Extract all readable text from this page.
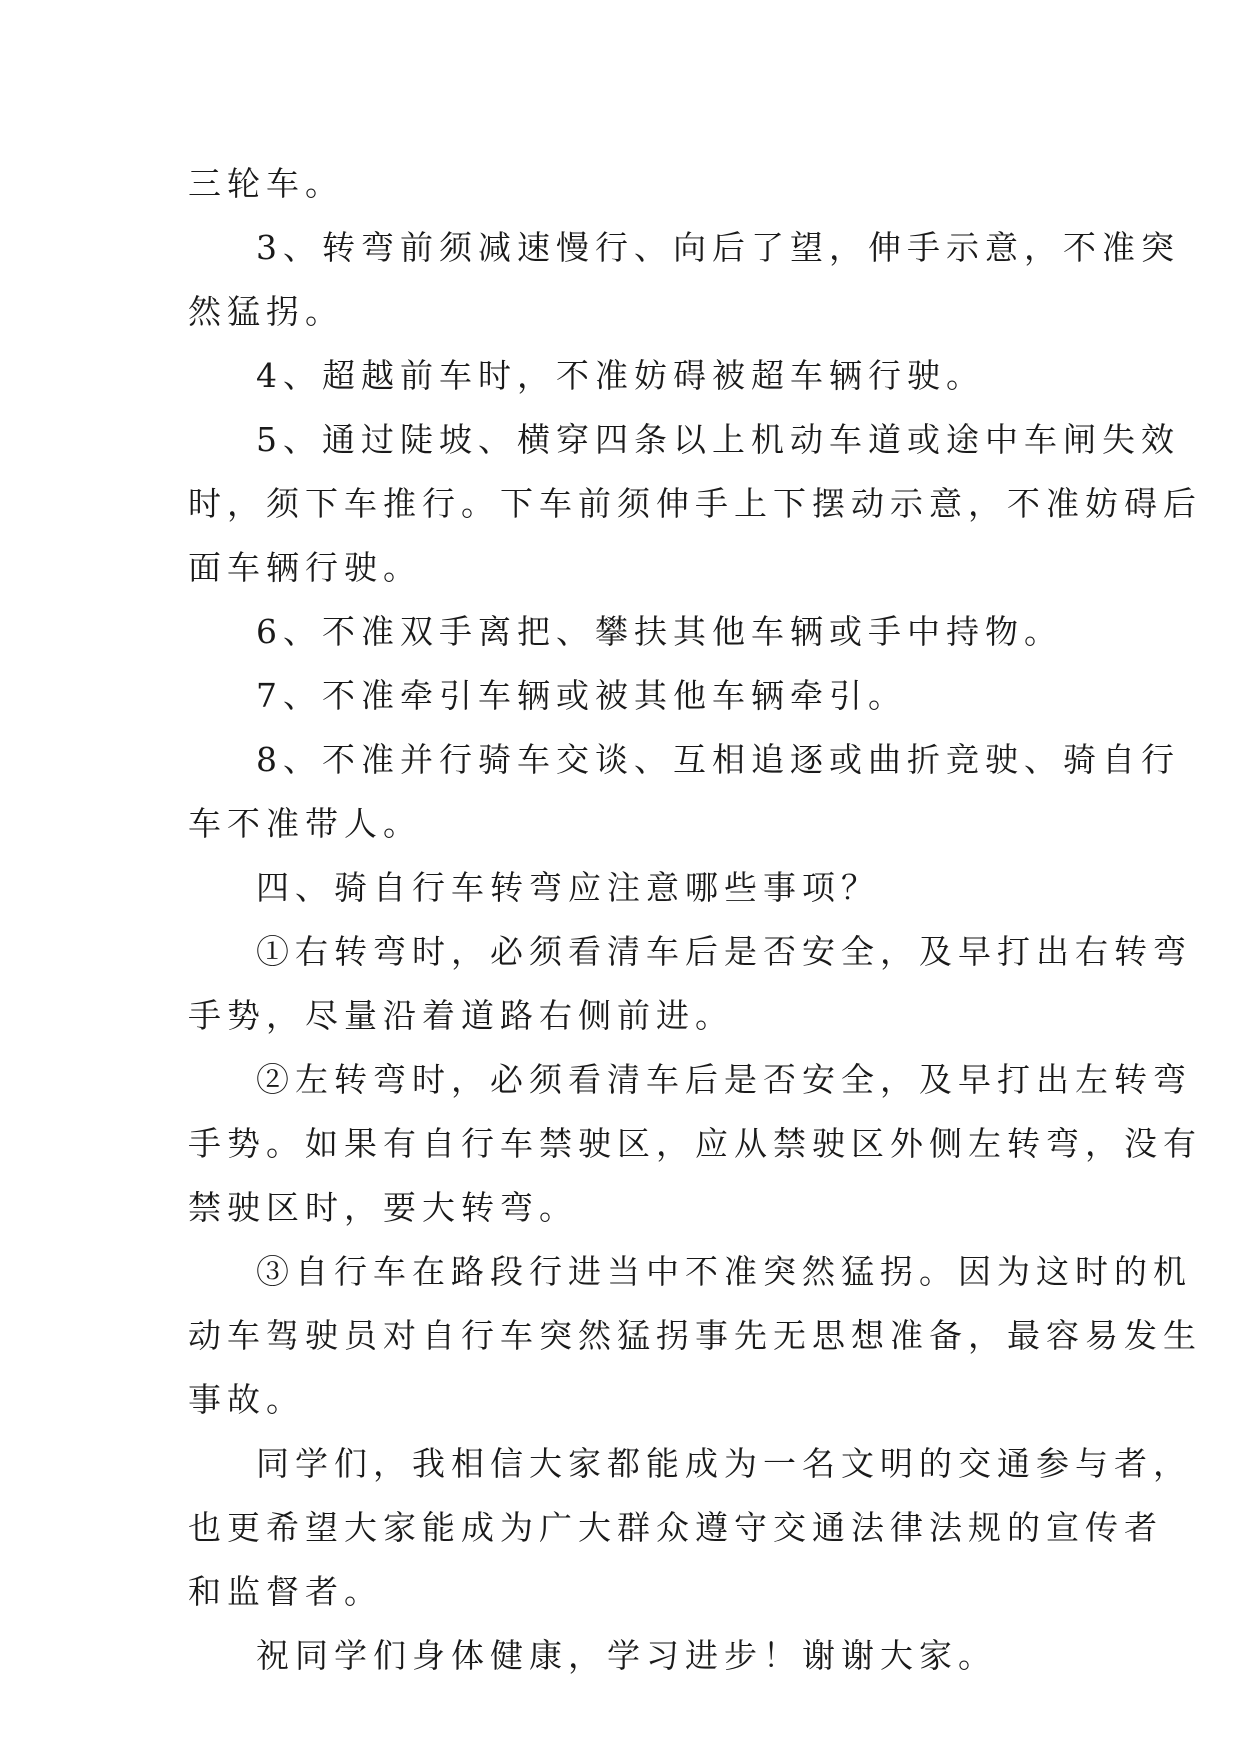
三轮车。
3、转弯前须减速慢行、向后了望，伸手示意，不准突
然猛拐。
4、超越前车时，不准妨碍被超车辆行驶。
5、通过陡坡、横穿四条以上机动车道或途中车闸失效
时，须下车推行。下车前须伸手上下摆动示意，不准妨碍后
面车辆行驶。
6、不准双手离把、攀扶其他车辆或手中持物。
7、不准牵引车辆或被其他车辆牵引。
8、不准并行骑车交谈、互相追逐或曲折竞驶、骑自行
车不准带人。
四、骑自行车转弯应注意哪些事项？
①右转弯时，必须看清车后是否安全，及早打出右转弯
手势，尽量沿着道路右侧前进。
②左转弯时，必须看清车后是否安全，及早打出左转弯
手势。如果有自行车禁驶区，应从禁驶区外侧左转弯，没有
禁驶区时，要大转弯。
③自行车在路段行进当中不准突然猛拐。因为这时的机
动车驾驶员对自行车突然猛拐事先无思想准备，最容易发生
事故。
同学们，我相信大家都能成为一名文明的交通参与者，
也更希望大家能成为广大群众遵守交通法律法规的宣传者
和监督者。
祝同学们身体健康，学习进步！谢谢大家。
